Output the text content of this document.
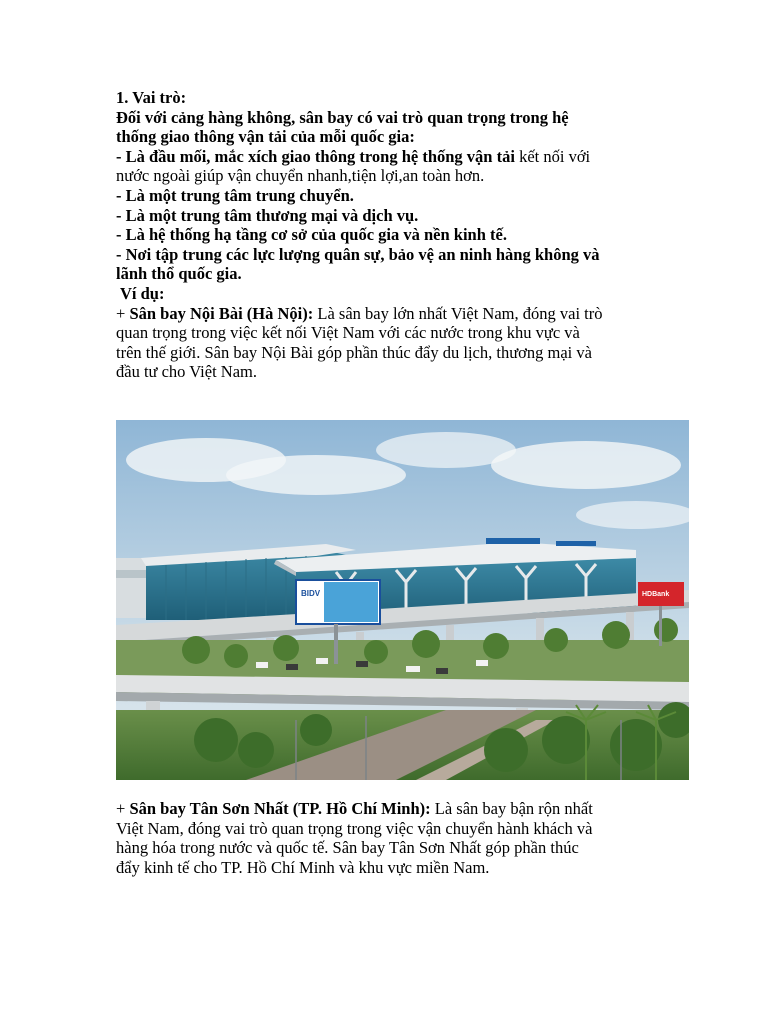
1. Vai trò:
Đối với cảng hàng không, sân bay có vai trò quan trọng trong hệ
thống giao thông vận tải của mỗi quốc gia:
- Là đầu mối, mắc xích giao thông trong hệ thống vận tải kết nối với
nước ngoài giúp vận chuyển nhanh,tiện lợi,an toàn hơn.
- Là một trung tâm trung chuyển.
- Là một trung tâm thương mại và dịch vụ.
- Là hệ thống hạ tầng cơ sở của quốc gia và nền kinh tế.
- Nơi tập trung các lực lượng quân sự, bảo vệ an ninh hàng không và
lãnh thổ quốc gia.
Ví dụ:
+ Sân bay Nội Bài (Hà Nội): Là sân bay lớn nhất Việt Nam, đóng vai trò
quan trọng trong việc kết nối Việt Nam với các nước trong khu vực và
trên thế giới. Sân bay Nội Bài góp phần thúc đẩy du lịch, thương mại và
đầu tư cho Việt Nam.
BIDV	HDBank
+ Sân bay Tân Sơn Nhất (TP. Hồ Chí Minh): Là sân bay bận rộn nhất
Việt Nam, đóng vai trò quan trọng trong việc vận chuyển hành khách và
hàng hóa trong nước và quốc tế. Sân bay Tân Sơn Nhất góp phần thúc
đẩy kinh tế cho TP. Hồ Chí Minh và khu vực miền Nam.
